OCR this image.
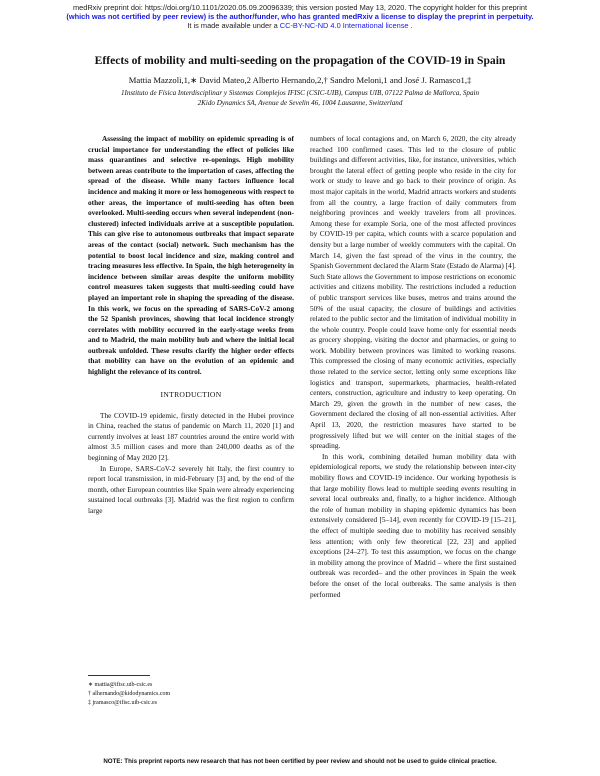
medRxiv preprint doi: https://doi.org/10.1101/2020.05.09.20096339; this version posted May 13, 2020. The copyright holder for this preprint
(which was not certified by peer review) is the author/funder, who has granted medRxiv a license to display the preprint in perpetuity.
It is made available under a CC-BY-NC-ND 4.0 International license .
Effects of mobility and multi-seeding on the propagation of the COVID-19 in Spain
Mattia Mazzoli,1,∗ David Mateo,2 Alberto Hernando,2,† Sandro Meloni,1 and José J. Ramasco1,‡
1Instituto de Física Interdisciplinar y Sistemas Complejos IFISC (CSIC-UIB), Campus UIB, 07122 Palma de Mallorca, Spain
2Kido Dynamics SA, Avenue de Sevelin 46, 1004 Lausanne, Switzerland

Assessing the impact of mobility on epidemic spreading is of crucial importance for understanding the effect of policies like mass quarantines and selective re-openings. High mobility between areas contribute to the importation of cases, affecting the spread of the disease. While many factors influence local incidence and making it more or less homogeneous with respect to other areas, the importance of multi-seeding has often been overlooked. Multi-seeding occurs when several independent (non-clustered) infected individuals arrive at a susceptible population. This can give rise to autonomous outbreaks that impact separate areas of the contact (social) network. Such mechanism has the potential to boost local incidence and size, making control and tracing measures less effective. In Spain, the high heterogeneity in incidence between similar areas despite the uniform mobility control measures taken suggests that multi-seeding could have played an important role in shaping the spreading of the disease. In this work, we focus on the spreading of SARS-CoV-2 among the 52 Spanish provinces, showing that local incidence strongly correlates with mobility occurred in the early-stage weeks from and to Madrid, the main mobility hub and where the initial local outbreak unfolded. These results clarify the higher order effects that mobility can have on the evolution of an epidemic and highlight the relevance of its control.

INTRODUCTION

The COVID-19 epidemic, firstly detected in the Hubei province in China, reached the status of pandemic on March 11, 2020 [1] and currently involves at least 187 countries around the entire world with almost 3.5 million cases and more than 240,000 deaths as of the beginning of May 2020 [2].

In Europe, SARS-CoV-2 severely hit Italy, the first country to report local transmission, in mid-February [3] and, by the end of the month, other European countries like Spain were already experiencing sustained local outbreaks [3]. Madrid was the first region to confirm large

numbers of local contagions and, on March 6, 2020, the city already reached 100 confirmed cases. This led to the closure of public buildings and different activities, like, for instance, universities, which brought the lateral effect of getting people who reside in the city for work or study to leave and go back to their province of origin. As most major capitals in the world, Madrid attracts workers and students from all the country, a large fraction of daily commuters from neighboring provinces and weekly travelers from all provinces. Among these for example Soria, one of the most affected provinces by COVID-19 per capita, which counts with a scarce population and density but a large number of weekly commuters with the capital. On March 14, given the fast spread of the virus in the country, the Spanish Government declared the Alarm State (Estado de Alarma) [4]. Such State allows the Government to impose restrictions on economic activities and citizens mobility. The restrictions included a reduction of public transport services like buses, metros and trains around the 50% of the usual capacity, the closure of buildings and activities related to the public sector and the limitation of individual mobility in the whole country. People could leave home only for essential needs as grocery shopping, visiting the doctor and pharmacies, or going to work. Mobility between provinces was limited to working reasons. This compressed the closing of many economic activities, especially those related to the service sector, letting only some exceptions like logistics and transport, supermarkets, pharmacies, health-related centers, construction, agriculture and industry to keep operating. On March 29, given the growth in the number of new cases, the Government declared the closing of all non-essential activities. After April 13, 2020, the restriction measures have started to be progressively lifted but we will center on the initial stages of the spreading.

In this work, combining detailed human mobility data with epidemiological reports, we study the relationship between inter-city mobility flows and COVID-19 incidence. Our working hypothesis is that large mobility flows lead to multiple seeding events resulting in several local outbreaks and, finally, to a higher incidence. Although the role of human mobility in shaping epidemic dynamics has been extensively considered [5–14], even recently for COVID-19 [15–21], the effect of multiple seeding due to mobility has received sensibly less attention; with only few theoretical [22, 23] and applied exceptions [24–27]. To test this assumption, we focus on the change in mobility among the province of Madrid – where the first sustained outbreak was recorded– and the other provinces in Spain the week before the onset of the local outbreaks. The same analysis is then performed

∗ mattia@ifisc.uib-csic.es
† alhernando@kidodynamics.com
‡ jramasco@ifisc.uib-csic.es
NOTE: This preprint reports new research that has not been certified by peer review and should not be used to guide clinical practice.
